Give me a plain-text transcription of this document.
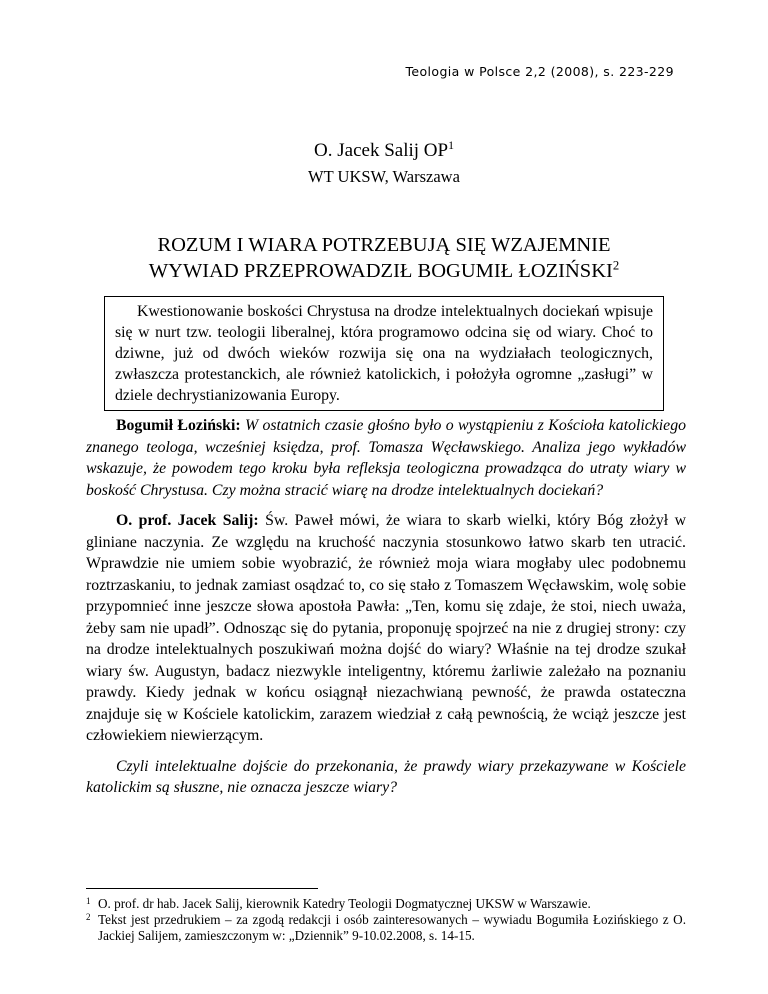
Teologia w Polsce 2,2 (2008), s. 223-229
O. Jacek Salij $OP^1$
WT UKSW, Warszawa
ROZUM I WIARA POTRZEBUJĄ SIĘ WZAJEMNIE
WYWIAD PRZEPROWADZIŁ BOGUMIŁ ŁOZIŃSKI$^2$

Kwestionowanie boskości Chrystusa na drodze intelektualnych dociekań wpisuje się w nurt tzw. teologii liberalnej, która programowo odcina się od wiary. Choć to dziwne, już od dwóch wieków rozwija się ona na wydziałach teologicznych, zwłaszcza protestanckich, ale również katolickich, i położyła ogromne „zasługi” w dziele dechrystianizowania Europy.

Bogumił Łoziński: W ostatnich czasie głośno było o wystąpieniu z Kościoła katolickiego znanego teologa, wcześniej księdza, prof. Tomasza Węcławskiego. Analiza jego wykładów wskazuje, że powodem tego kroku była refleksja teologiczna prowadząca do utraty wiary w boskość Chrystusa. Czy można stracić wiarę na drodze intelektualnych dociekań?

O. prof. Jacek Salij: Św. Paweł mówi, że wiara to skarb wielki, który Bóg złożył w gliniane naczynia. Ze względu na kruchość naczynia stosunkowo łatwo skarb ten utracić. Wprawdzie nie umiem sobie wyobrazić, że również moja wiara mogłaby ulec podobnemu roztrzaskaniu, to jednak zamiast osądzać to, co się stało z Tomaszem Węcławskim, wolę sobie przypomnieć inne jeszcze słowa apostoła Pawła: „Ten, komu się zdaje, że stoi, niech uważa, żeby sam nie upadł”. Odnosząc się do pytania, proponuję spojrzeć na nie z drugiej strony: czy na drodze intelektualnych poszukiwań można dojść do wiary? Właśnie na tej drodze szukał wiary św. Augustyn, badacz niezwykle inteligentny, któremu żarliwie zależało na poznaniu prawdy. Kiedy jednak w końcu osiągnął niezachwianą pewność, że prawda ostateczna znajduje się w Kościele katolickim, zarazem wiedział z całą pewnością, że wciąż jeszcze jest człowiekiem niewierzącym.

Czyli intelektualne dojście do przekonania, że prawdy wiary przekazywane w Kościele katolickim są słuszne, nie oznacza jeszcze wiary?

1 O. prof. dr hab. Jacek Salij, kierownik Katedry Teologii Dogmatycznej UKSW w Warszawie.
2 Tekst jest przedrukiem – za zgodą redakcji i osób zainteresowanych – wywiadu Bogumiła Łozińskiego z O. Jackiej Salijem, zamieszczonym w: „Dziennik” 9-10.02.2008, s. 14-15.
